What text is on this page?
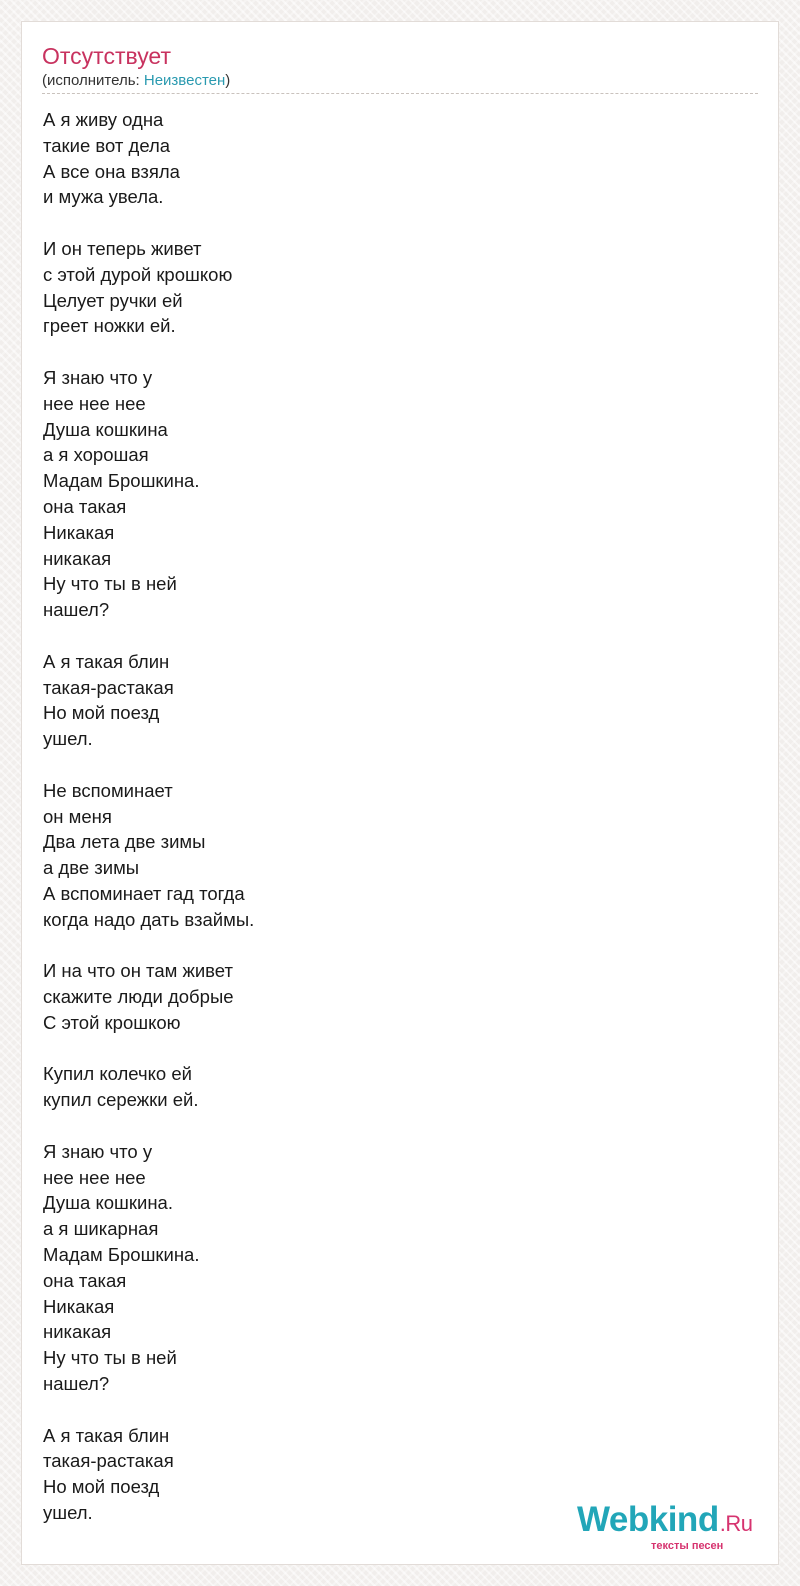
Отсутствует
(исполнитель: Неизвестен)
А я живу одна
такие вот дела
А все она взяла
и мужа увела.
И он теперь живет
с этой дурой крошкою
Целует ручки ей
греет ножки ей.
Я знаю что у
нее нее нее
Душа кошкина
а я хорошая
Мадам Брошкина.
она такая
Никакая
никакая
Ну что ты в ней
нашел?
А я такая блин
такая-растакая
Но мой поезд
ушел.
Не вспоминает
он меня
Два лета две зимы
а две зимы
А вспоминает гад тогда
когда надо дать взаймы.
И на что он там живет
скажите люди добрые
С этой крошкою
Купил колечко ей
купил сережки ей.
Я знаю что у
нее нее нее
Душа кошкина.
а я шикарная
Мадам Брошкина.
она такая
Никакая
никакая
Ну что ты в ней
нашел?
А я такая блин
такая-растакая
Но мой поезд
ушел.	Webkind.Ru
тексты песен
